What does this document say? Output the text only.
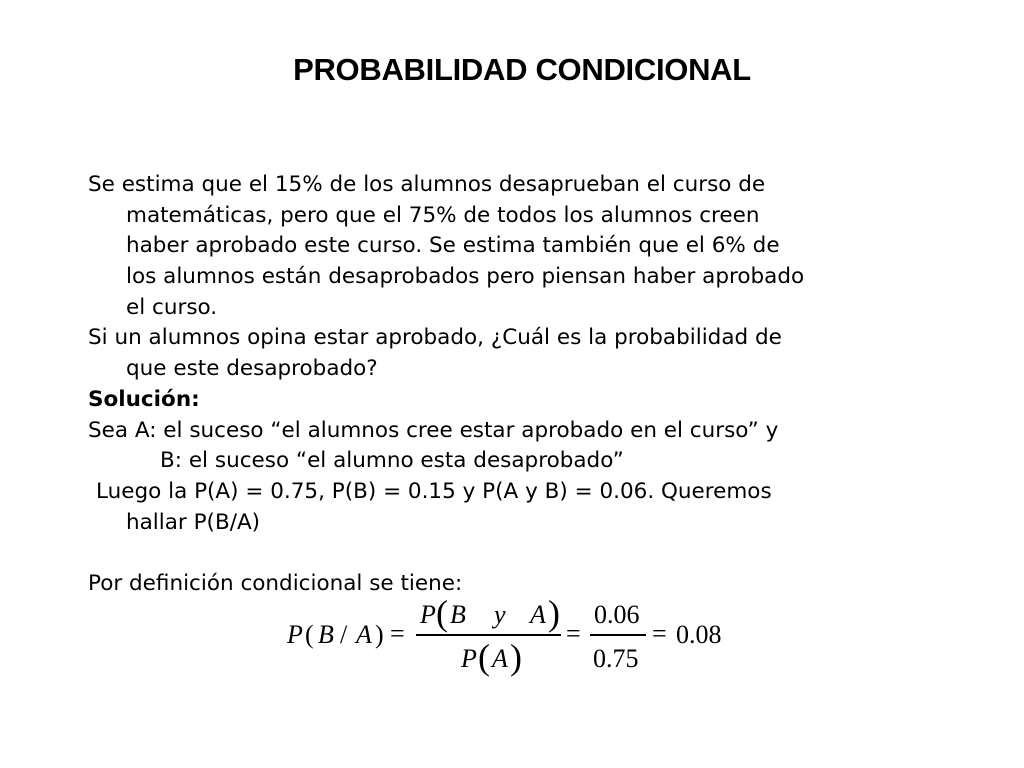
PROBABILIDAD CONDICIONAL
Se estima que el 15% de los alumnos desaprueban el curso de
matemáticas, pero que el 75% de todos los alumnos creen
haber aprobado este curso. Se estima también que el 6% de
los alumnos están desaprobados pero piensan haber aprobado
el curso.
Si un alumnos opina estar aprobado, ¿Cuál es la probabilidad de
que este desaprobado?
Solución:
Sea A: el suceso “el alumnos cree estar aprobado en el curso” y
B: el suceso “el alumno esta desaprobado”
Luego la P(A) = 0.75, P(B) = 0.15 y P(A y B) = 0.06. Queremos
hallar P(B/A)
Por definición condicional se tiene:
P ( B / A ) =
P ( B y A )
P ( A )
=
0.06
0.75
= 0.08
